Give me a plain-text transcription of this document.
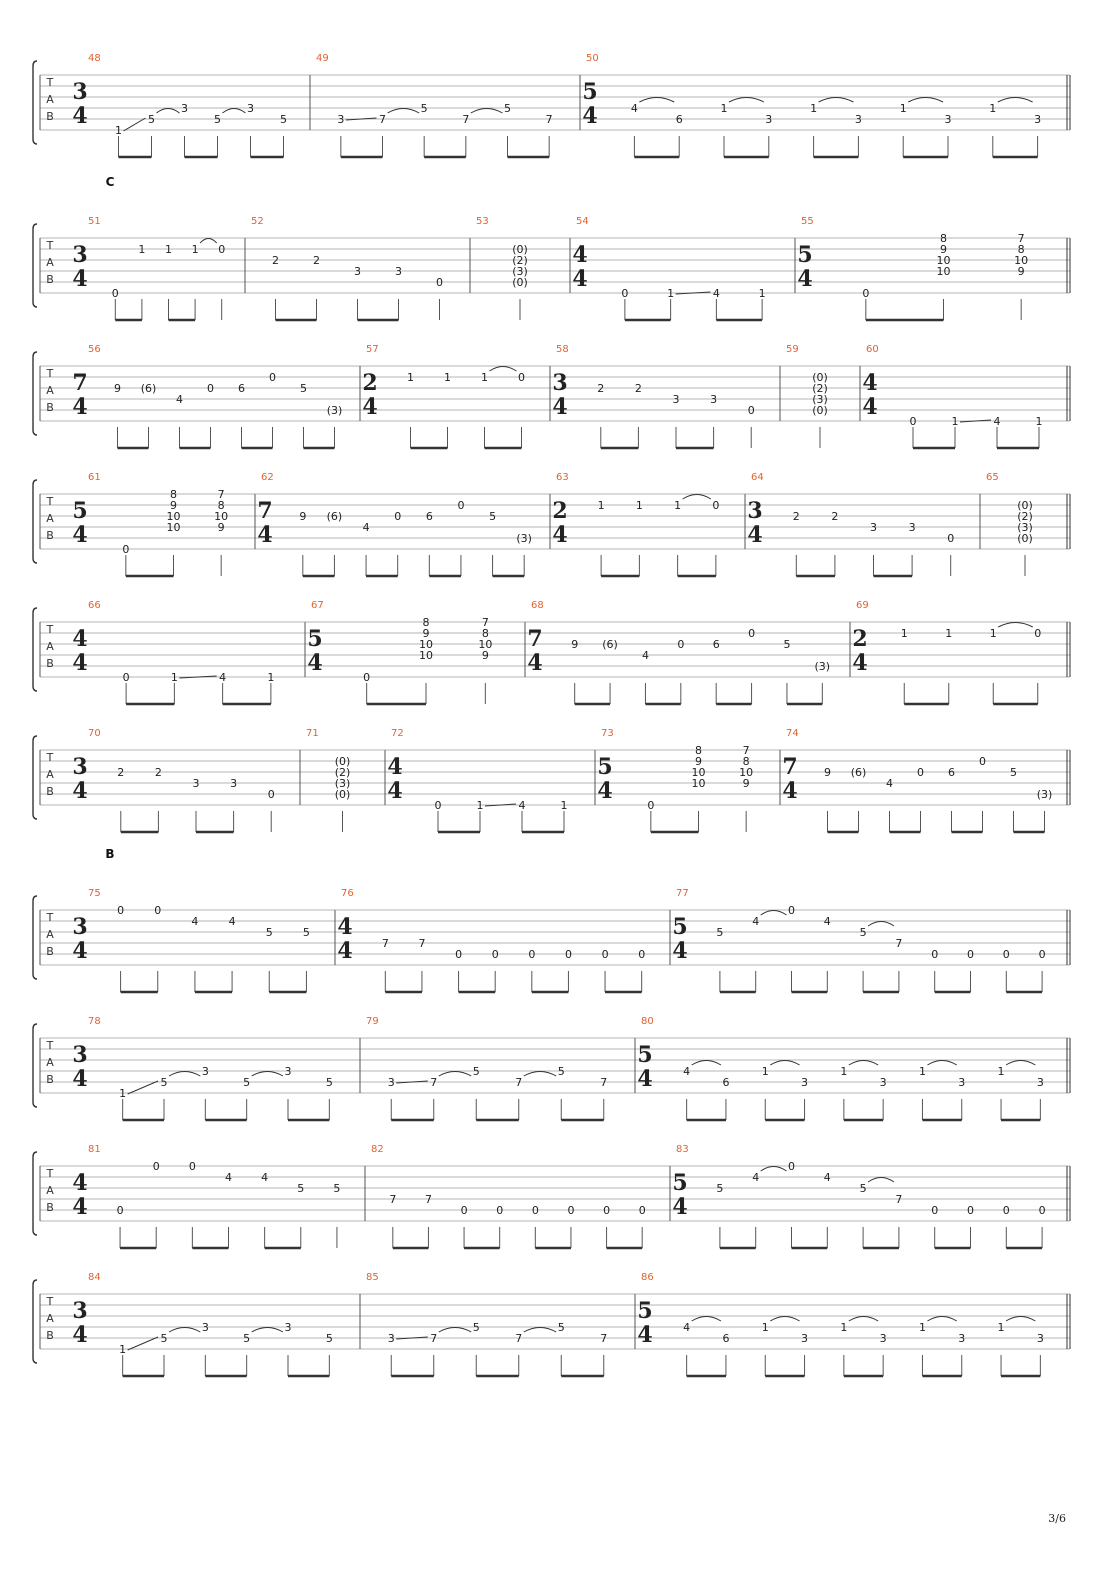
T
A
B
48
3
4
1
5
3
5
3
5
49
3	7
5
7
5
7
50
5
4	4
6
1
3
1
3
1
3
1
3
T
A
B
C
51
3
4
0
1 1 1 0
52
2	2
3	3
0
53
(0)
(2)
(3)
(0)
54
4
4
0	1	4	1
55
5
4
0
8
9
10
10
7
8
10
9
T
A
B
56
7
4
9 (6)
4
0 6
0
5
(3)
57
2
4
1	1	1	0
58
3
4
2	2
3	3
0
59
(0)
(2)
(3)
(0)
60
4
4
0	1	4	1
T
A
B
61
5
4
0
8
9
10
10
7
8
10
9
62
7
4
9 (6)
4
0 6
0
5
(3)
63
2
4
1	1	1	0
64
3
4
2	2
3	3
0
65
(0)
(2)
(3)
(0)
T
A
B
66
4
4
0	1	4	1
67
5
4
0
8
9
10
10
7
8
10
9
68
7
4
9 (6)
4
0	6
0
5
(3)
69
2
4
1	1	1	0
T
A
B
70
3
4
2	2
3	3
0
71
(0)
(2)
(3)
(0)
72
4
4
0	1	4	1
73
5
4
0
8
9
10
10
7
8
10
9
74
7
4
9 (6)
4
0 6
0
5
(3)
T
A
B
B
75
3
4
0	0
4	4
5	5
76
4
4	7	7
0	0	0	0	0	0
77
5
4
5
4
0
4
5
7
0	0	0	0
T
A
B
78
3
4
1
5
3
5
3
5
79
3	7
5
7
5
7
80
5
4	4
6
1
3
1
3
1
3
1
3
T
A
B
81
4
4	0
0	0
4	4
5	5
82
7	7
0	0	0	0	0	0
83
5
4
5
4
0
4
5
7
0	0	0	0
T
A
B
84
3
4
1
5
3
5
3
5
85
3	7
5
7
5
7
86
5
4	4
6
1
3
1
3
1
3
1
3
3/6
